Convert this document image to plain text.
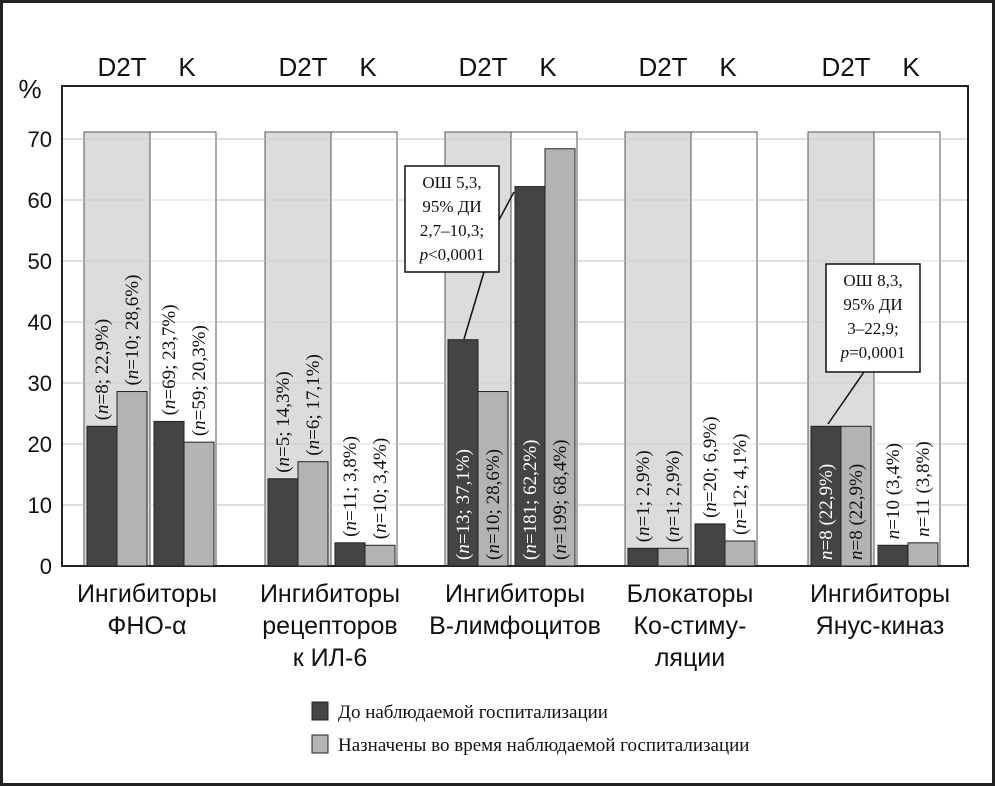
0
10
20
30
40
50
60
70
%
D2T K	D2T K	D2T K	D2T K	D2T K
(n=8; 22,9%) (n=10; 28,6%)
(n=69; 23,7%)
(n=59; 20,3%)
(n=5; 14,3%) (n=6; 17,1%)
(n=11; 3,8%)
(n=10; 3,4%)
(n=13; 37,1%)
(n=10; 28,6%)
(n=181; 62,2%)
(n=199; 68,4%)	(n=1; 2,9%)
(n=1; 2,9%) (n=20; 6,9%)
(n=12; 4,1%)
n=8 (22,9%)
n=8 (22,9%) n=10 (3,4%)
n=11 (3,8%)
ОШ 5,3,
95% ДИ
2,7–10,3;
p<0,0001
ОШ 8,3,
95% ДИ
3–22,9;
p=0,0001
Ингибиторы
ФНО-α
Ингибиторы
рецепторов
к ИЛ-6
Ингибиторы
B-лимфоцитов
Блокаторы
Ко-стиму-
ляции
Ингибиторы
Янус-киназ
До наблюдаемой госпитализации
Назначены во время наблюдаемой госпитализации
